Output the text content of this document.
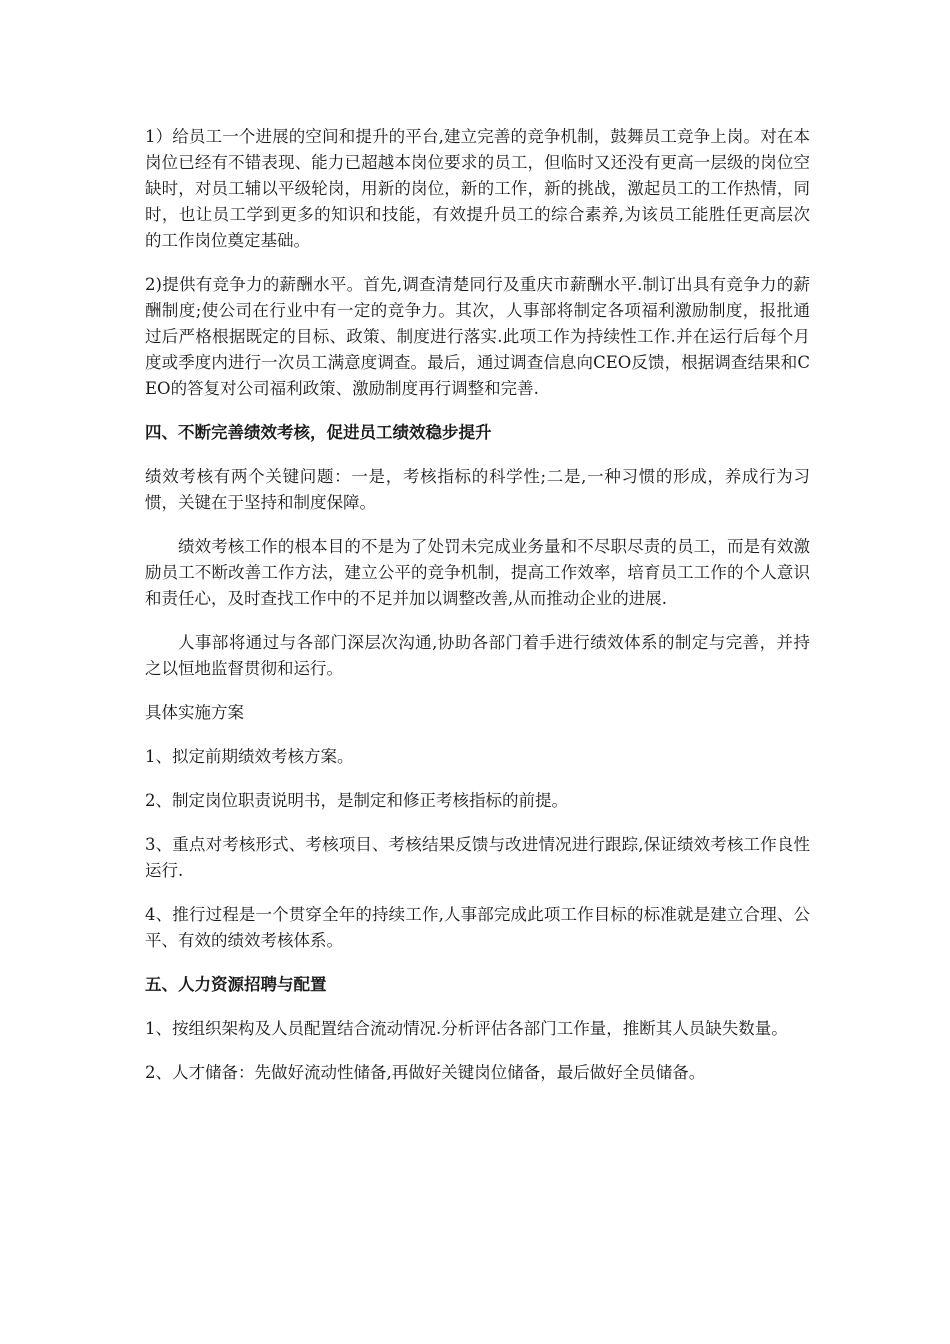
1）给员工一个进展的空间和提升的平台,建立完善的竞争机制，鼓舞员工竞争上岗。对在本岗位已经有不错表现、能力已超越本岗位要求的员工，但临时又还没有更高一层级的岗位空缺时，对员工辅以平级轮岗，用新的岗位，新的工作，新的挑战，激起员工的工作热情，同时，也让员工学到更多的知识和技能，有效提升员工的综合素养,为该员工能胜任更高层次的工作岗位奠定基础。

2)提供有竞争力的薪酬水平。首先,调查清楚同行及重庆市薪酬水平.制订出具有竞争力的薪酬制度;使公司在行业中有一定的竞争力。其次，人事部将制定各项福利激励制度，报批通过后严格根据既定的目标、政策、制度进行落实.此项工作为持续性工作.并在运行后每个月度或季度内进行一次员工满意度调查。最后，通过调查信息向CEO反馈，根据调查结果和CEO的答复对公司福利政策、激励制度再行调整和完善.

四、不断完善绩效考核，促进员工绩效稳步提升

绩效考核有两个关键问题：一是，考核指标的科学性;二是,一种习惯的形成，养成行为习惯，关键在于坚持和制度保障。

绩效考核工作的根本目的不是为了处罚未完成业务量和不尽职尽责的员工，而是有效激励员工不断改善工作方法，建立公平的竞争机制，提高工作效率，培育员工工作的个人意识和责任心，及时查找工作中的不足并加以调整改善,从而推动企业的进展.

人事部将通过与各部门深层次沟通,协助各部门着手进行绩效体系的制定与完善，并持之以恒地监督贯彻和运行。

具体实施方案

1、拟定前期绩效考核方案。

2、制定岗位职责说明书，是制定和修正考核指标的前提。

3、重点对考核形式、考核项目、考核结果反馈与改进情况进行跟踪,保证绩效考核工作良性运行.

4、推行过程是一个贯穿全年的持续工作,人事部完成此项工作目标的标准就是建立合理、公平、有效的绩效考核体系。

五、人力资源招聘与配置

1、按组织架构及人员配置结合流动情况.分析评估各部门工作量，推断其人员缺失数量。

2、人才储备：先做好流动性储备,再做好关键岗位储备，最后做好全员储备。
